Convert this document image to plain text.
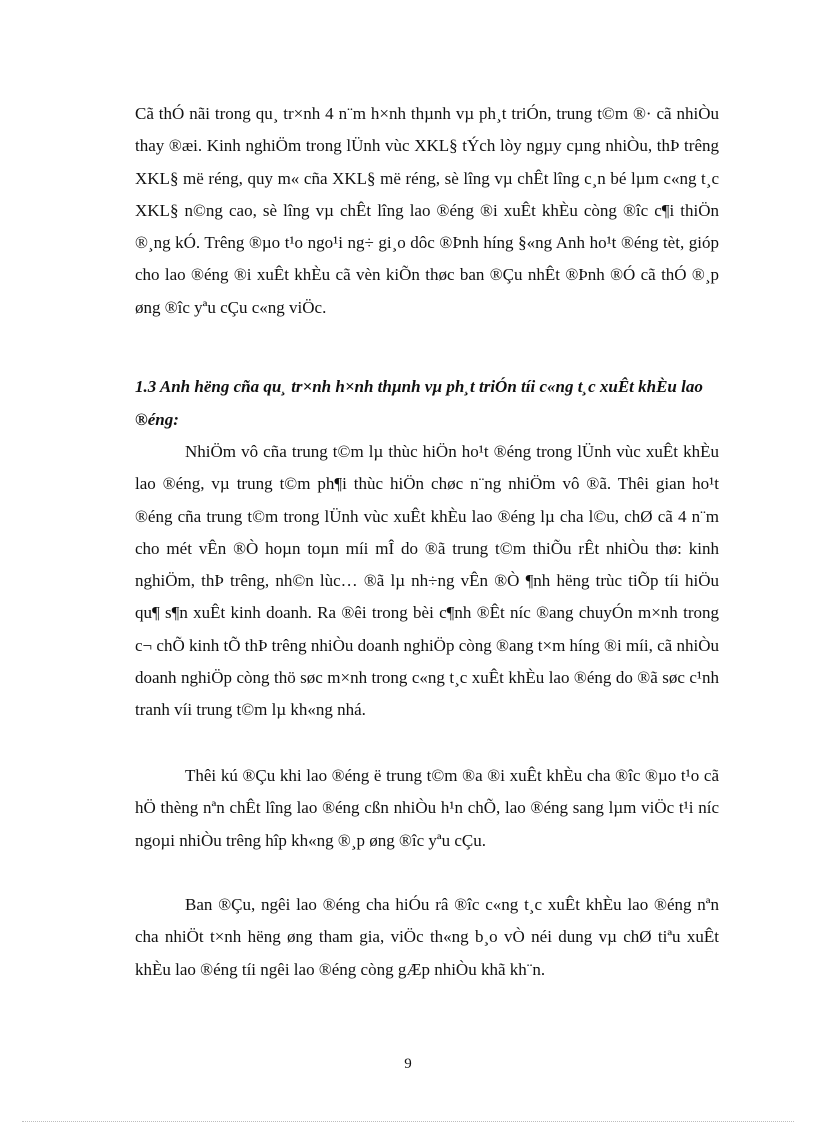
Cã thÓ nãi trong qu¸ tr×nh 4 n¨m h×nh thµnh vµ ph¸t triÓn, trung t©m ®· cã nhiÒu thay ®æi. Kinh nghiÖm trong lÜnh vùc XKL§ tÝch lòy ngµy cµng nhiÒu, thÞ trêng XKL§ më réng, quy m« cña XKL§ më réng, sè lîng vµ chÊt lîng c¸n bé lµm c«ng t¸c XKL§ n©ng cao, sè lîng vµ chÊt lîng lao ®éng ®i xuÊt khÈu còng ®îc c¶i thiÖn ®¸ng kÓ. Trêng ®µo t¹o ngo¹i ng÷ gi¸o dôc ®Þnh híng §«ng Anh ho¹t ®éng tèt, gióp cho lao ®éng ®i xuÊt khÈu cã vèn kiÕn thøc ban ®Çu nhÊt ®Þnh ®Ó cã thÓ ®¸p øng ®îc yªu cÇu c«ng viÖc.

1.3 Anh hëng cña qu¸ tr×nh h×nh thµnh vµ ph¸t triÓn tíi c«ng t¸c xuÊt khÈu lao ®éng:

NhiÖm vô cña trung t©m lµ thùc hiÖn ho¹t ®éng trong lÜnh vùc xuÊt khÈu lao ®éng, vµ trung t©m ph¶i thùc hiÖn chøc n¨ng nhiÖm vô ®ã. Thêi gian ho¹t ®éng cña trung t©m trong lÜnh vùc xuÊt khÈu lao ®éng lµ cha l©u, chØ cã 4 n¨m cho mét vÊn ®Ò hoµn toµn míi mÎ do ®ã trung t©m thiÕu rÊt nhiÒu thø: kinh nghiÖm, thÞ trêng, nh©n lùc… ®ã lµ nh÷ng vÊn ®Ò ¶nh hëng trùc tiÕp tíi hiÖu qu¶ s¶n xuÊt kinh doanh. Ra ®êi trong bèi c¶nh ®Êt níc ®ang chuyÓn m×nh trong c¬ chÕ kinh tÕ thÞ trêng nhiÒu doanh nghiÖp còng ®ang t×m híng ®i míi, cã nhiÒu doanh nghiÖp còng thö søc m×nh trong c«ng t¸c xuÊt khÈu lao ®éng do ®ã søc c¹nh tranh víi trung t©m lµ kh«ng nhá.

Thêi kú ®Çu khi lao ®éng ë trung t©m ®a ®i xuÊt khÈu cha ®îc ®µo t¹o cã hÖ thèng nªn chÊt lîng lao ®éng cßn nhiÒu h¹n chÕ, lao ®éng sang lµm viÖc t¹i níc ngoµi nhiÒu trêng hîp kh«ng ®¸p øng ®îc yªu cÇu.

Ban ®Çu, ngêi lao ®éng cha hiÓu râ ®îc c«ng t¸c xuÊt khÈu lao ®éng nªn cha nhiÖt t×nh hëng øng tham gia, viÖc th«ng b¸o vÒ néi dung vµ chØ tiªu xuÊt khÈu lao ®éng tíi ngêi lao ®éng còng gÆp nhiÒu khã kh¨n.

9
